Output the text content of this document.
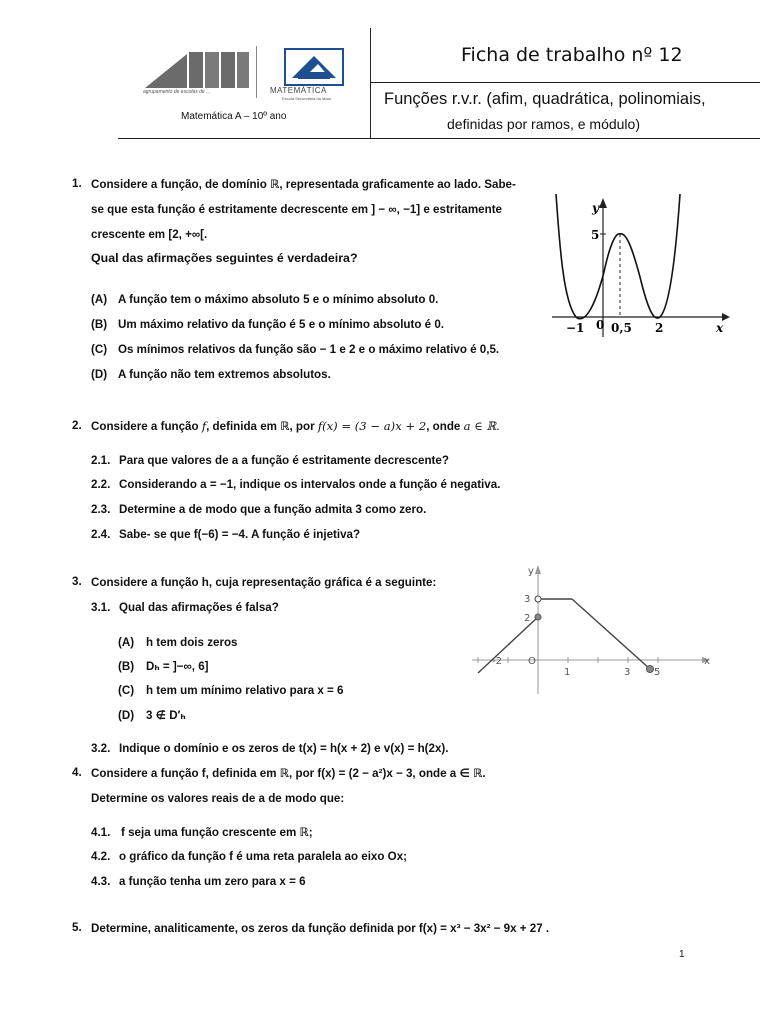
agrupamento de escolas de ...	MATEMÁTICA
Escola Secundária da Maia
Matemática A – 10º ano
Ficha de trabalho nº 12
Funções r.v.r. (afim, quadrática, polinomiais,
definidas por ramos, e módulo)
1. Considere a função, de domínio ℝ, representada graficamente ao lado. Sabe-
se que esta função é estritamente decrescente em ] − ∞, −1] e estritamente
crescente em [2, +∞[.
Qual das afirmações seguintes é verdadeira?
(A) A função tem o máximo absoluto 5 e o mínimo absoluto 0.
(B) Um máximo relativo da função é 5 e o mínimo absoluto é 0.
(C) Os mínimos relativos da função são − 1 e 2 e o máximo relativo é 0,5.
(D) A função não tem extremos absolutos.
y
x
5
−1 0 0,5 2
2. Considere a função f, definida em ℝ, por f(x) = (3 − a)x + 2, onde a ∈ ℝ.
2.1. Para que valores de a a função é estritamente decrescente?
2.2. Considerando a = −1, indique os intervalos onde a função é negativa.
2.3. Determine a de modo que a função admita 3 como zero.
2.4. Sabe- se que f(−6) = −4. A função é injetiva?
3. Considere a função h, cuja representação gráfica é a seguinte:
3.1. Qual das afirmações é falsa?
(A) h tem dois zeros
(B) Dₕ = ]−∞, 6]
(C) h tem um mínimo relativo para x = 6
(D) 3 ∉ D′ₕ
3.2. Indique o domínio e os zeros de t(x) = h(x + 2) e v(x) = h(2x).
y
x
3
2
-2	O
1	3 5
4. Considere a função f, definida em ℝ, por f(x) = (2 − a²)x − 3, onde a ∈ ℝ.
Determine os valores reais de a de modo que:
4.1. f seja uma função crescente em ℝ;
4.2. o gráfico da função f é uma reta paralela ao eixo Ox;
4.3. a função tenha um zero para x = 6
5. Determine, analiticamente, os zeros da função definida por f(x) = x³ − 3x² − 9x + 27 .
1
